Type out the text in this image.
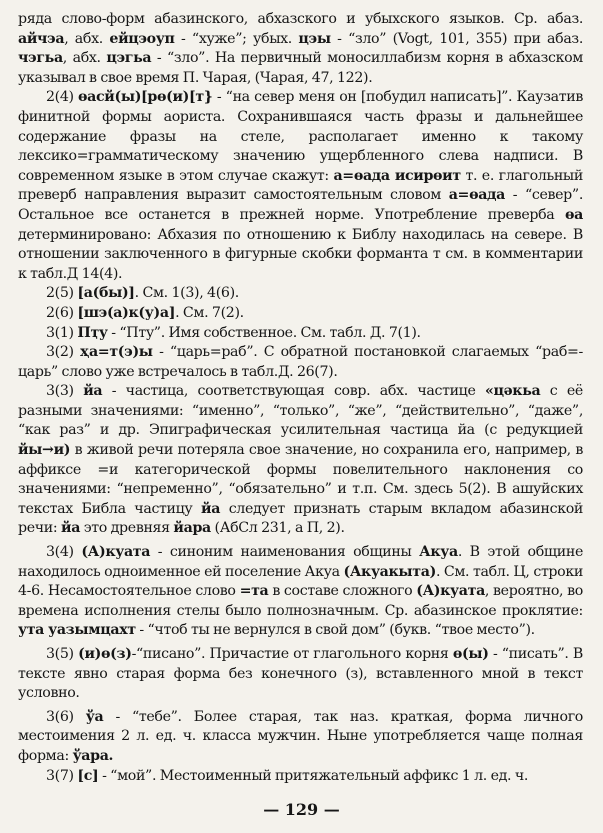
ряда слово-форм абазинского, абхазского и убыхского языков. Ср. абаз. айчэа, абх. ейцэоуп - “хуже”; убых. цэы - “зло” (Vogt, 101, 355) при абаз. чэгьа, абх. цэгьа - “зло”. На первичный моносиллабизм корня в абхазском указывал в свое время П. Чарая, (Чарая, 47, 122).

2(4) ɵасй(ы)[рɵ(и)[т} - “на север меня он [побудил написать]”. Каузатив финитной формы аориста. Сохранившаяся часть фразы и дальнейшее содержание фразы на стеле, располагает именно к такому лексико=грамматическому значению ущербленного слева надписи. В современном языке в этом случае скажут: а=ɵада исирɵит т. е. глагольный преверб направления выразит самостоятельным словом а=ɵада - “север”. Остальное все останется в прежней норме. Употребление преверба ɵа детерминировано: Абхазия по отношению к Библу находилась на севере. В отношении заключенного в фигурные скобки форманта т см. в комментарии к табл.Д 14(4).

2(5) [а(бы)]. См. 1(3), 4(6).

2(6) [шэ(а)к(у)а]. См. 7(2).

3(1) Пҭу - “Пту”. Имя собственное. См. табл. Д. 7(1).

3(2) ҳа=т(э)ы - “царь=раб”. С обратной постановкой слагаемых “раб=-царь” слово уже встречалось в табл.Д. 26(7).

3(3) йа - частица, соответствующая совр. абх. частице «цәкьа с её разными значениями: “именно”, “только”, “же”, “действительно”, “даже”, “как раз” и др. Эпиграфическая усилительная частица йа (с редукцией йы→и) в живой речи потеряла свое значение, но сохранила его, например, в аффиксе =и категорической формы повелительного наклонения со значениями: “непременно”, “обязательно” и т.п. См. здесь 5(2). В ашуйских текстах Библа частицу йа следует признать старым вкладом абазинской речи: йа это древняя йара (АбСл 231, а П, 2).

3(4) (А)куата - синоним наименования общины Акуа. В этой общине находилось одноименное ей поселение Акуа (Акуакыта). См. табл. Ц, строки 4-6. Несамостоятельное слово =та в составе сложного (А)куата, вероятно, во времена исполнения стелы было полнозначным. Ср. абазинское проклятие: ута уазымцахт - “чтоб ты не вернулся в свой дом” (букв. “твое место”).

3(5) (и)ɵ(з)-“писано”. Причастие от глагольного корня ɵ(ы) - “писать”. В тексте явно старая форма без конечного (з), вставленного мной в текст условно.

3(6) ўа - “тебе”. Более старая, так наз. краткая, форма личного местоимения 2 л. ед. ч. класса мужчин. Ныне употребляется чаще полная форма: ўара.

3(7) [с] - “мой”. Местоименный притяжательный аффикс 1 л. ед. ч.

— 129 —
